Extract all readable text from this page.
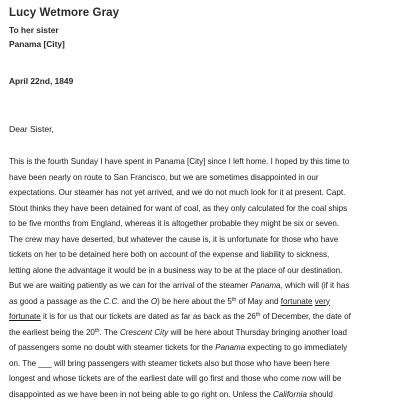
Lucy Wetmore Gray

To her sister

Panama [City]

April 22nd, 1849

Dear Sister,

This is the fourth Sunday I have spent in Panama [City] since I left home. I hoped by this time to
have been nearly on route to San Francisco, but we are sometimes disappointed in our
expectations. Our steamer has not yet arrived, and we do not much look for it at present. Capt.
Stout thinks they have been detained for want of coal, as they only calculated for the coal ships
to be five months from England, whereas it is altogether probable they might be six or seven.
The crew may have deserted, but whatever the cause is, it is unfortunate for those who have
tickets on her to be detained here both on account of the expense and liability to sickness,
letting alone the advantage it would be in a business way to be at the place of our destination.
But we are waiting patiently as we can for the arrival of the steamer Panama, which will (if it has
as good a passage as the C.C. and the O) be here about the 5th of May and fortunate very
fortunate it is for us that our tickets are dated as far as back as the 26th of December, the date of
the earliest being the 20th. The Crescent City will be here about Thursday bringing another load
of passengers some no doubt with steamer tickets for the Panama expecting to go immediately
on. The ___ will bring passengers with steamer tickets also but those who have been here
longest and whose tickets are of the earliest date will go first and those who come now will be
disappointed as we have been in not being able to go right on. Unless the California should
